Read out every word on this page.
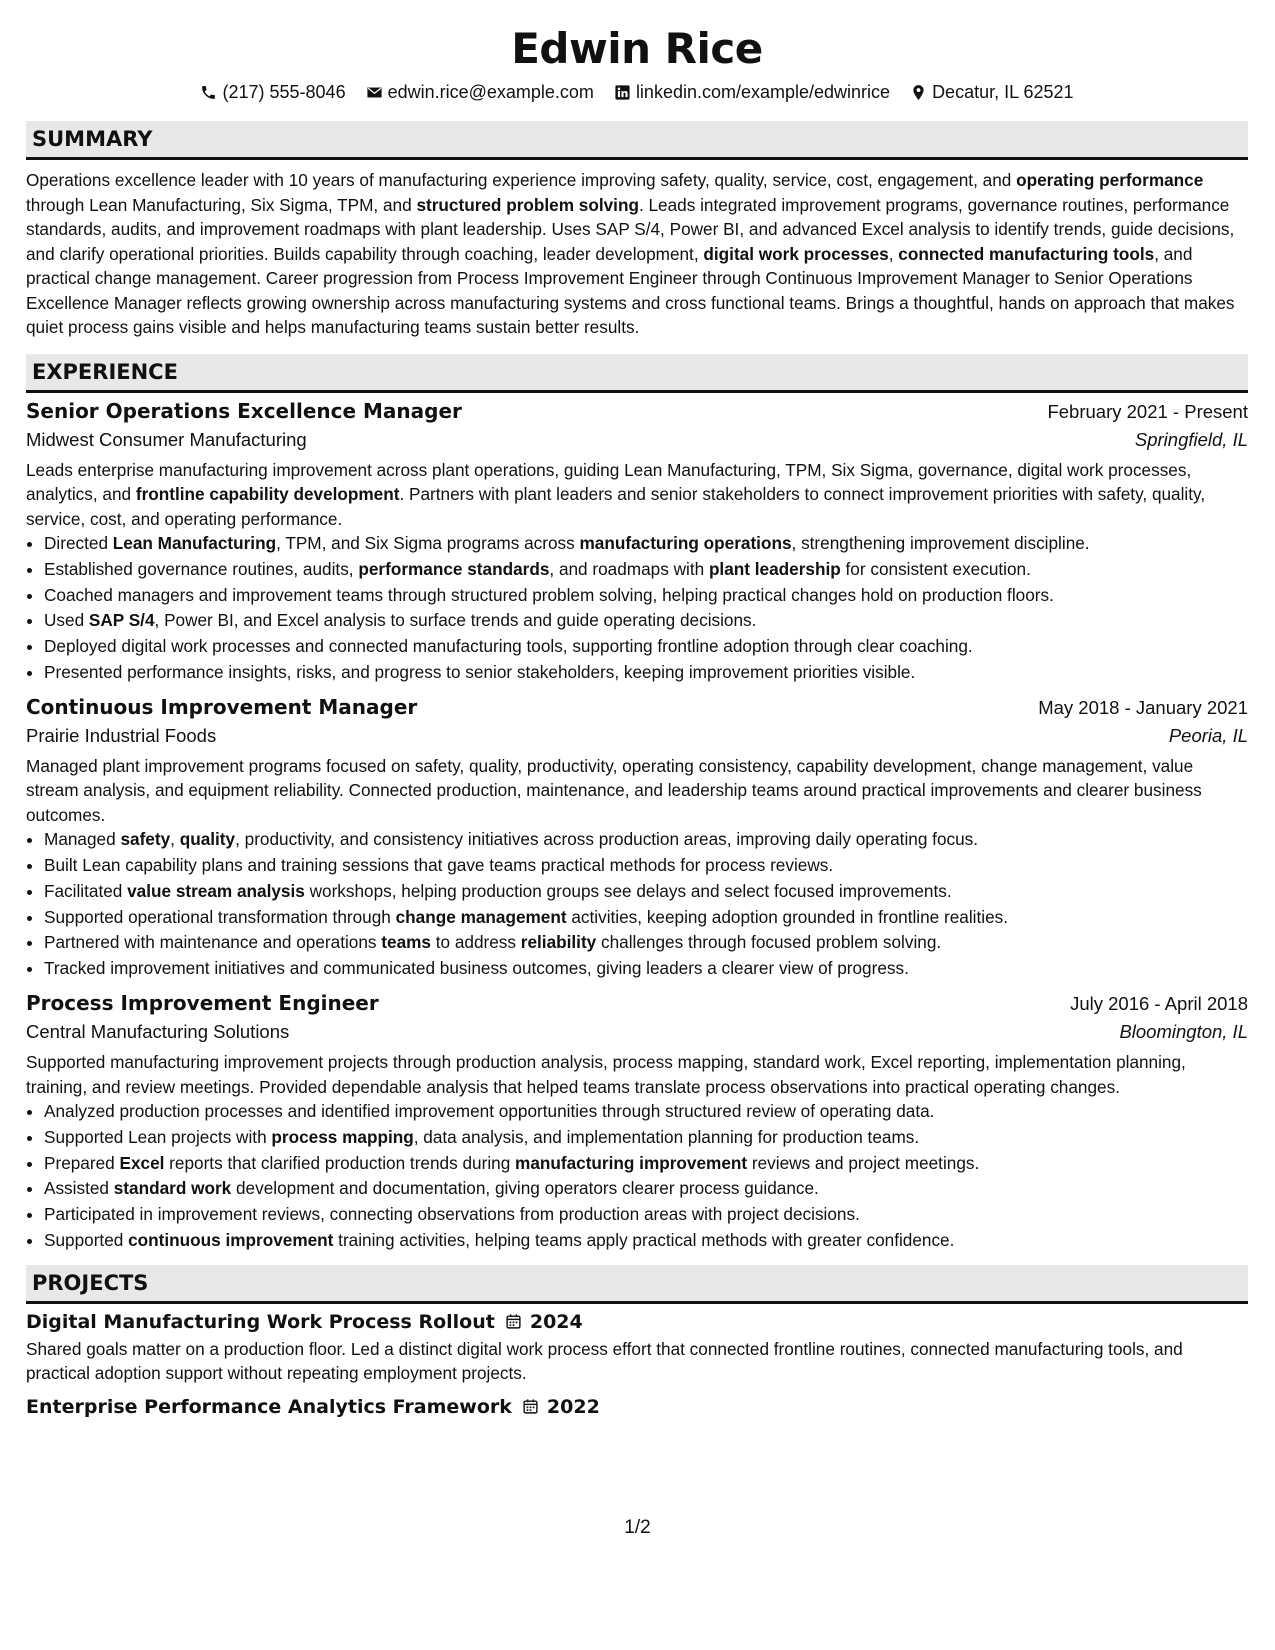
Edwin Rice
(217) 555-8046 edwin.rice@example.com linkedin.com/example/edwinrice Decatur, IL 62521
SUMMARY
Operations excellence leader with 10 years of manufacturing experience improving safety, quality, service, cost, engagement, and operating performance through Lean Manufacturing, Six Sigma, TPM, and structured problem solving. Leads integrated improvement programs, governance routines, performance standards, audits, and improvement roadmaps with plant leadership. Uses SAP S/4, Power BI, and advanced Excel analysis to identify trends, guide decisions, and clarify operational priorities. Builds capability through coaching, leader development, digital work processes, connected manufacturing tools, and practical change management. Career progression from Process Improvement Engineer through Continuous Improvement Manager to Senior Operations Excellence Manager reflects growing ownership across manufacturing systems and cross functional teams. Brings a thoughtful, hands on approach that makes quiet process gains visible and helps manufacturing teams sustain better results.
EXPERIENCE
Senior Operations Excellence Manager	February 2021 - Present
Midwest Consumer Manufacturing	Springfield, IL
Leads enterprise manufacturing improvement across plant operations, guiding Lean Manufacturing, TPM, Six Sigma, governance, digital work processes, analytics, and frontline capability development. Partners with plant leaders and senior stakeholders to connect improvement priorities with safety, quality, service, cost, and operating performance.
• Directed Lean Manufacturing, TPM, and Six Sigma programs across manufacturing operations, strengthening improvement discipline.
• Established governance routines, audits, performance standards, and roadmaps with plant leadership for consistent execution.
• Coached managers and improvement teams through structured problem solving, helping practical changes hold on production floors.
• Used SAP S/4, Power BI, and Excel analysis to surface trends and guide operating decisions.
• Deployed digital work processes and connected manufacturing tools, supporting frontline adoption through clear coaching.
• Presented performance insights, risks, and progress to senior stakeholders, keeping improvement priorities visible.
Continuous Improvement Manager	May 2018 - January 2021
Prairie Industrial Foods	Peoria, IL
Managed plant improvement programs focused on safety, quality, productivity, operating consistency, capability development, change management, value stream analysis, and equipment reliability. Connected production, maintenance, and leadership teams around practical improvements and clearer business outcomes.
• Managed safety, quality, productivity, and consistency initiatives across production areas, improving daily operating focus.
• Built Lean capability plans and training sessions that gave teams practical methods for process reviews.
• Facilitated value stream analysis workshops, helping production groups see delays and select focused improvements.
• Supported operational transformation through change management activities, keeping adoption grounded in frontline realities.
• Partnered with maintenance and operations teams to address reliability challenges through focused problem solving.
• Tracked improvement initiatives and communicated business outcomes, giving leaders a clearer view of progress.
Process Improvement Engineer	July 2016 - April 2018
Central Manufacturing Solutions	Bloomington, IL
Supported manufacturing improvement projects through production analysis, process mapping, standard work, Excel reporting, implementation planning, training, and review meetings. Provided dependable analysis that helped teams translate process observations into practical operating changes.
• Analyzed production processes and identified improvement opportunities through structured review of operating data.
• Supported Lean projects with process mapping, data analysis, and implementation planning for production teams.
• Prepared Excel reports that clarified production trends during manufacturing improvement reviews and project meetings.
• Assisted standard work development and documentation, giving operators clearer process guidance.
• Participated in improvement reviews, connecting observations from production areas with project decisions.
• Supported continuous improvement training activities, helping teams apply practical methods with greater confidence.
PROJECTS
Digital Manufacturing Work Process Rollout 2024
Shared goals matter on a production floor. Led a distinct digital work process effort that connected frontline routines, connected manufacturing tools, and practical adoption support without repeating employment projects.
Enterprise Performance Analytics Framework 2022
1/2
